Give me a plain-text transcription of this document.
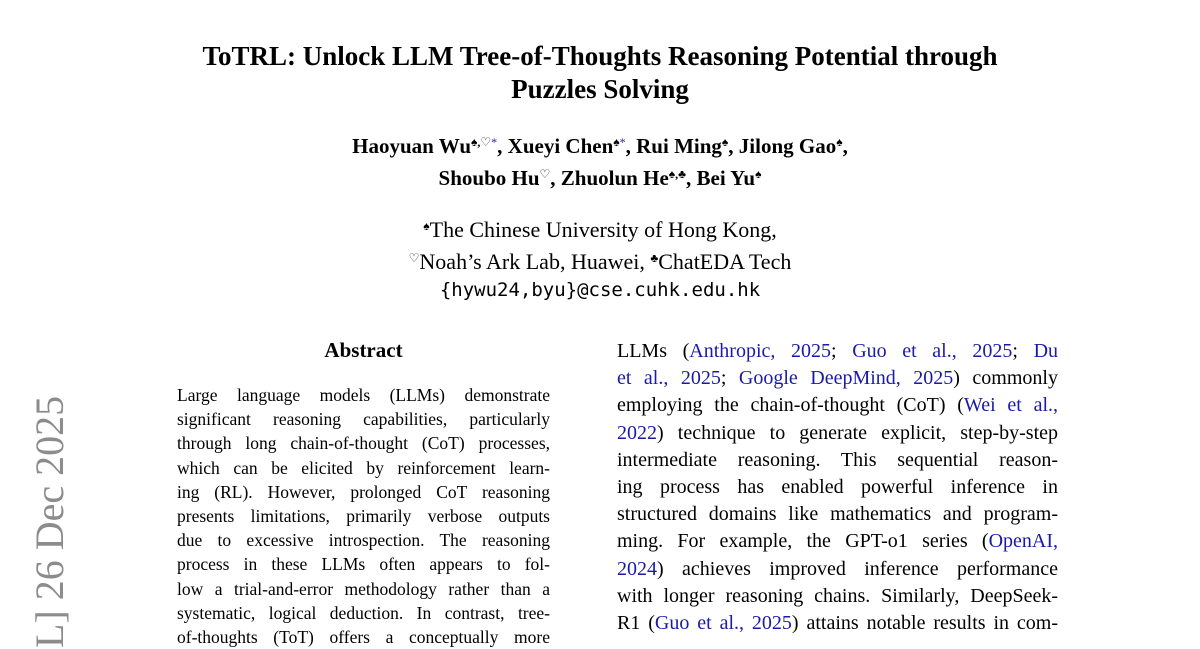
L] 26 Dec 2025
ToTRL: Unlock LLM Tree-of-Thoughts Reasoning Potential through
Puzzles Solving
Haoyuan Wu♠,♡*, Xueyi Chen♠*, Rui Ming♠, Jilong Gao♠,
Shoubo Hu♡, Zhuolun He♠,♣, Bei Yu♠
♠The Chinese University of Hong Kong,
♡Noah’s Ark Lab, Huawei, ♣ChatEDA Tech
{hywu24,byu}@cse.cuhk.edu.hk
Abstract
Large language models (LLMs) demonstrate
significant reasoning capabilities, particularly
through long chain-of-thought (CoT) processes,
which can be elicited by reinforcement learn-
ing (RL). However, prolonged CoT reasoning
presents limitations, primarily verbose outputs
due to excessive introspection. The reasoning
process in these LLMs often appears to fol-
low a trial-and-error methodology rather than a
systematic, logical deduction. In contrast, tree-
of-thoughts (ToT) offers a conceptually more
LLMs (Anthropic, 2025; Guo et al., 2025; Du
et al., 2025; Google DeepMind, 2025) commonly
employing the chain-of-thought (CoT) (Wei et al.,
2022) technique to generate explicit, step-by-step
intermediate reasoning. This sequential reason-
ing process has enabled powerful inference in
structured domains like mathematics and program-
ming. For example, the GPT-o1 series (OpenAI,
2024) achieves improved inference performance
with longer reasoning chains. Similarly, DeepSeek-
R1 (Guo et al., 2025) attains notable results in com-
